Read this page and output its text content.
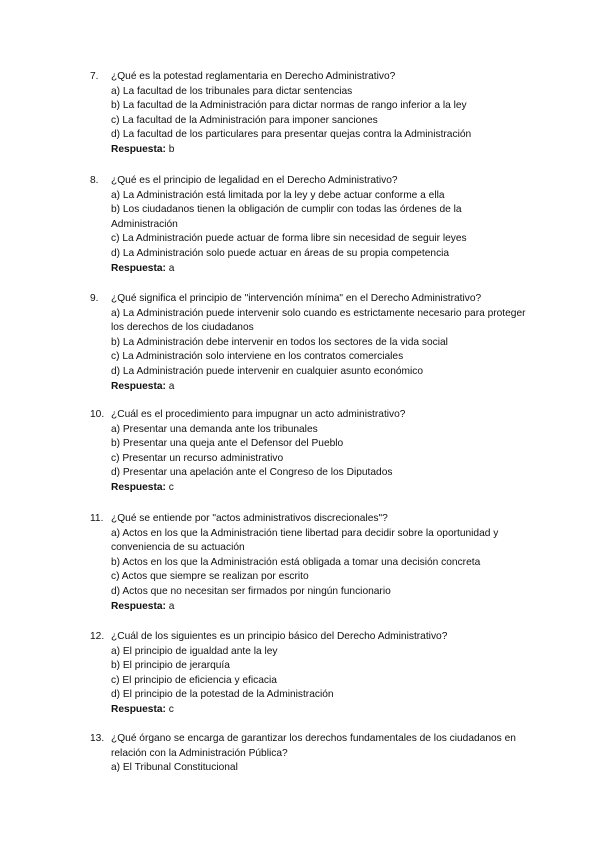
7. ¿Qué es la potestad reglamentaria en Derecho Administrativo?
a) La facultad de los tribunales para dictar sentencias
b) La facultad de la Administración para dictar normas de rango inferior a la ley
c) La facultad de la Administración para imponer sanciones
d) La facultad de los particulares para presentar quejas contra la Administración
Respuesta: b
8. ¿Qué es el principio de legalidad en el Derecho Administrativo?
a) La Administración está limitada por la ley y debe actuar conforme a ella
b) Los ciudadanos tienen la obligación de cumplir con todas las órdenes de la Administración
c) La Administración puede actuar de forma libre sin necesidad de seguir leyes
d) La Administración solo puede actuar en áreas de su propia competencia
Respuesta: a
9. ¿Qué significa el principio de "intervención mínima" en el Derecho Administrativo?
a) La Administración puede intervenir solo cuando es estrictamente necesario para proteger los derechos de los ciudadanos
b) La Administración debe intervenir en todos los sectores de la vida social
c) La Administración solo interviene en los contratos comerciales
d) La Administración puede intervenir en cualquier asunto económico
Respuesta: a
10. ¿Cuál es el procedimiento para impugnar un acto administrativo?
a) Presentar una demanda ante los tribunales
b) Presentar una queja ante el Defensor del Pueblo
c) Presentar un recurso administrativo
d) Presentar una apelación ante el Congreso de los Diputados
Respuesta: c
11. ¿Qué se entiende por "actos administrativos discrecionales"?
a) Actos en los que la Administración tiene libertad para decidir sobre la oportunidad y conveniencia de su actuación
b) Actos en los que la Administración está obligada a tomar una decisión concreta
c) Actos que siempre se realizan por escrito
d) Actos que no necesitan ser firmados por ningún funcionario
Respuesta: a
12. ¿Cuál de los siguientes es un principio básico del Derecho Administrativo?
a) El principio de igualdad ante la ley
b) El principio de jerarquía
c) El principio de eficiencia y eficacia
d) El principio de la potestad de la Administración
Respuesta: c
13. ¿Qué órgano se encarga de garantizar los derechos fundamentales de los ciudadanos en relación con la Administración Pública?
a) El Tribunal Constitucional
